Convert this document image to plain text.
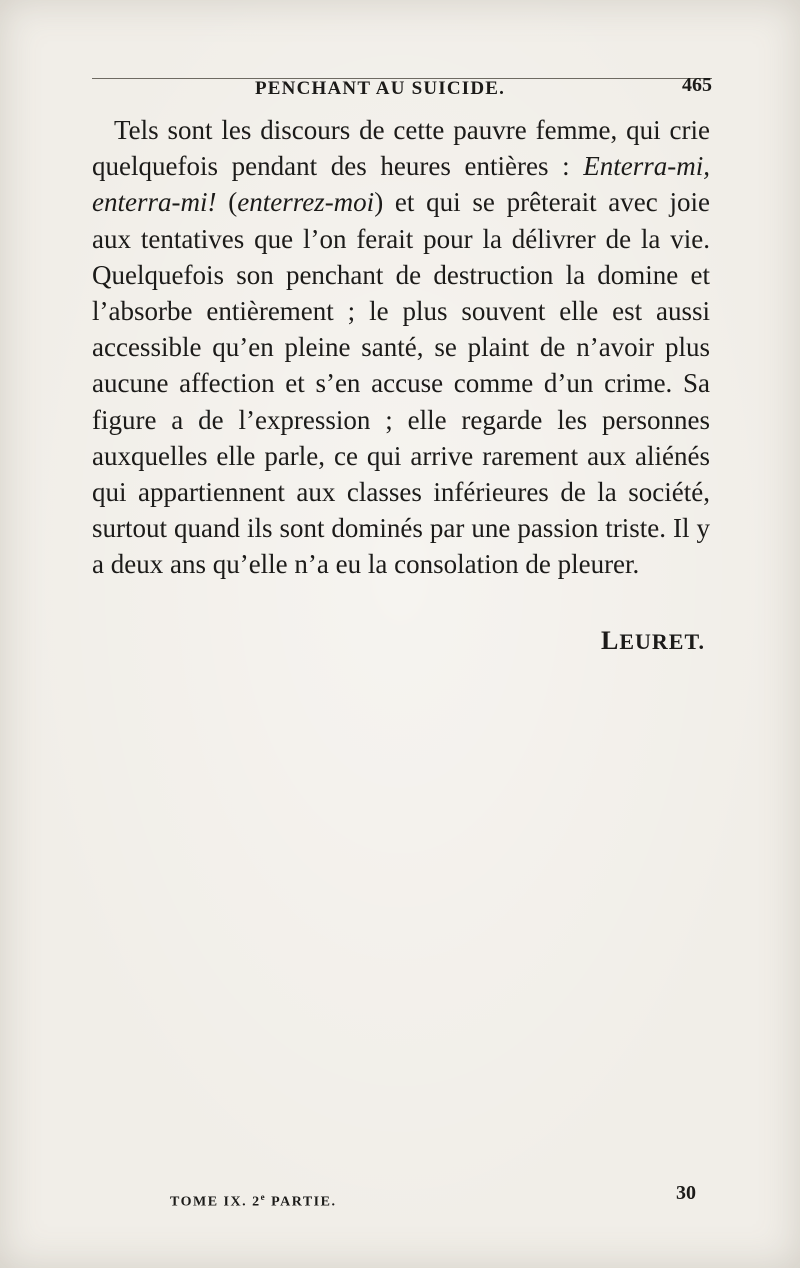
PENCHANT AU SUICIDE.	465

Tels sont les discours de cette pauvre femme, qui crie quelquefois pendant des heures entières : Enterra-mi, enterra-mi! (enterrez-moi) et qui se prêterait avec joie aux tentatives que l’on ferait pour la délivrer de la vie. Quelquefois son penchant de destruction la domine et l’absorbe entièrement ; le plus souvent elle est aussi accessible qu’en pleine santé, se plaint de n’avoir plus aucune affection et s’en accuse comme d’un crime. Sa figure a de l’expression ; elle regarde les personnes auxquelles elle parle, ce qui arrive rarement aux aliénés qui appartiennent aux classes inférieures de la société, surtout quand ils sont dominés par une passion triste. Il y a deux ans qu’elle n’a eu la consolation de pleurer.

LEURET.
TOME IX. 2e PARTIE.	30
